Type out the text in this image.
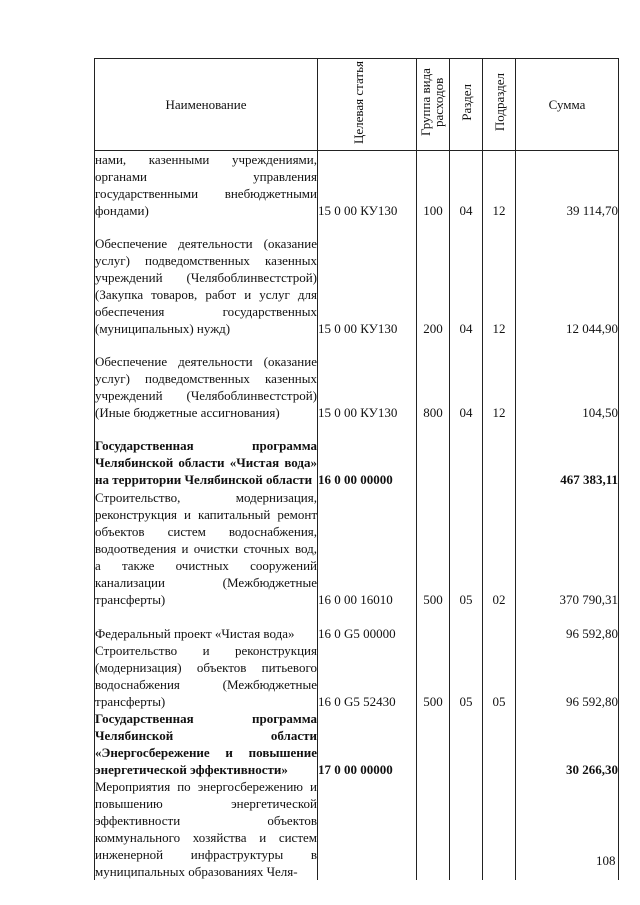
Наименование	Целевая статья	Группа вида расходов	Раздел	Подраздел	Сумма
нами, казенными учреждениями, органами управления государственными внебюджетными фондами)	15 0 00 КУ130	100	04	12	39 114,70
Обеспечение деятельности (оказание услуг) подведомственных казенных учреждений (Челябоблинвестстрой) (Закупка товаров, работ и услуг для обеспечения государственных (муниципальных) нужд)	15 0 00 КУ130	200	04	12	12 044,90
Обеспечение деятельности (оказание услуг) подведомственных казенных учреждений (Челябоблинвестстрой) (Иные бюджетные ассигнования)	15 0 00 КУ130	800	04	12	104,50
Государственная программа Челябинской области «Чистая вода» на территории Челябинской области	16 0 00 00000				467 383,11
Строительство, модернизация, реконструкция и капитальный ремонт объектов систем водоснабжения, водоотведения и очистки сточных вод, а также очистных сооружений канализации (Межбюджетные трансферты)	16 0 00 16010	500	05	02	370 790,31
Федеральный проект «Чистая вода»	16 0 G5 00000				96 592,80
Строительство и реконструкция (модернизация) объектов питьевого водоснабжения (Межбюджетные трансферты)	16 0 G5 52430	500	05	05	96 592,80
Государственная программа Челябинской области «Энергосбережение и повышение энергетической эффективности»	17 0 00 00000				30 266,30
Мероприятия по энергосбережению и повышению энергетической эффективности объектов коммунального хозяйства и систем инженерной инфраструктуры в муниципальных образованиях Челя-					
108
